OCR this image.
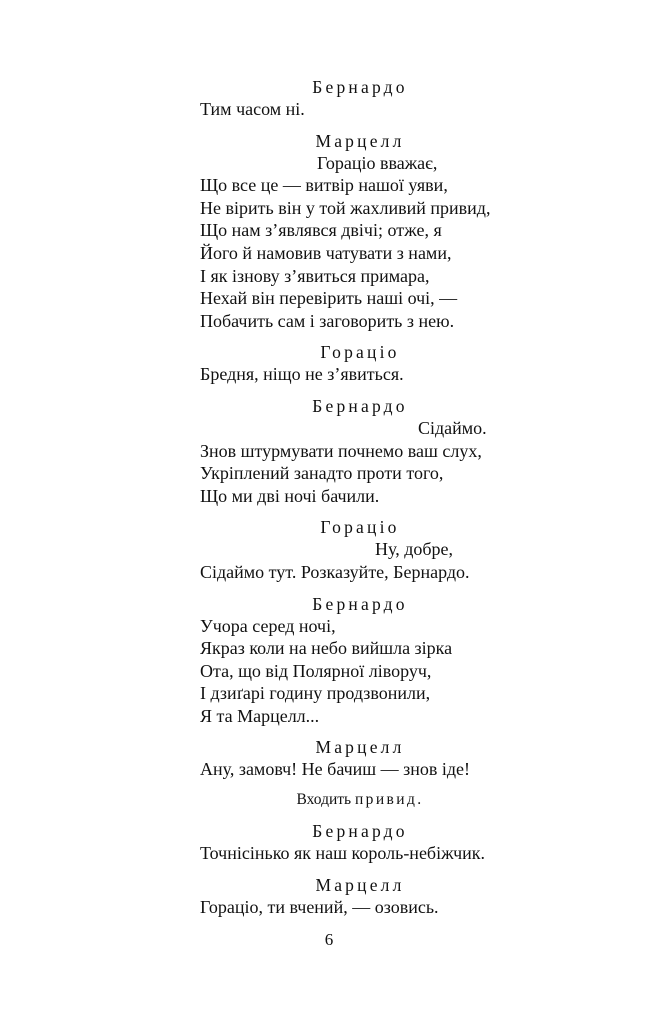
Бернардо
Тим часом ні.
Марцелл
Гораціо вважає,
Що все це — витвір нашої уяви,
Не вірить він у той жахливий привид,
Що нам з’являвся двічі; отже, я
Його й намовив чатувати з нами,
І як ізнову з’явиться примара,
Нехай він перевірить наші очі, —
Побачить сам і заговорить з нею.
Гораціо
Бредня, ніщо не з’явиться.
Бернардо
Сідаймо.
Знов штурмувати почнемо ваш слух,
Укріплений занадто проти того,
Що ми дві ночі бачили.
Гораціо
Ну, добре,
Сідаймо тут. Розказуйте, Бернардо.
Бернардо
Учора серед ночі,
Якраз коли на небо вийшла зірка
Ота, що від Полярної ліворуч,
І дзиґарі годину продзвонили,
Я та Марцелл...
Марцелл
Ану, замовч! Не бачиш — знов іде!
Входить привид.
Бернардо
Точнісінько як наш король-небіжчик.
Марцелл
Гораціо, ти вчений, — озовись.
6
